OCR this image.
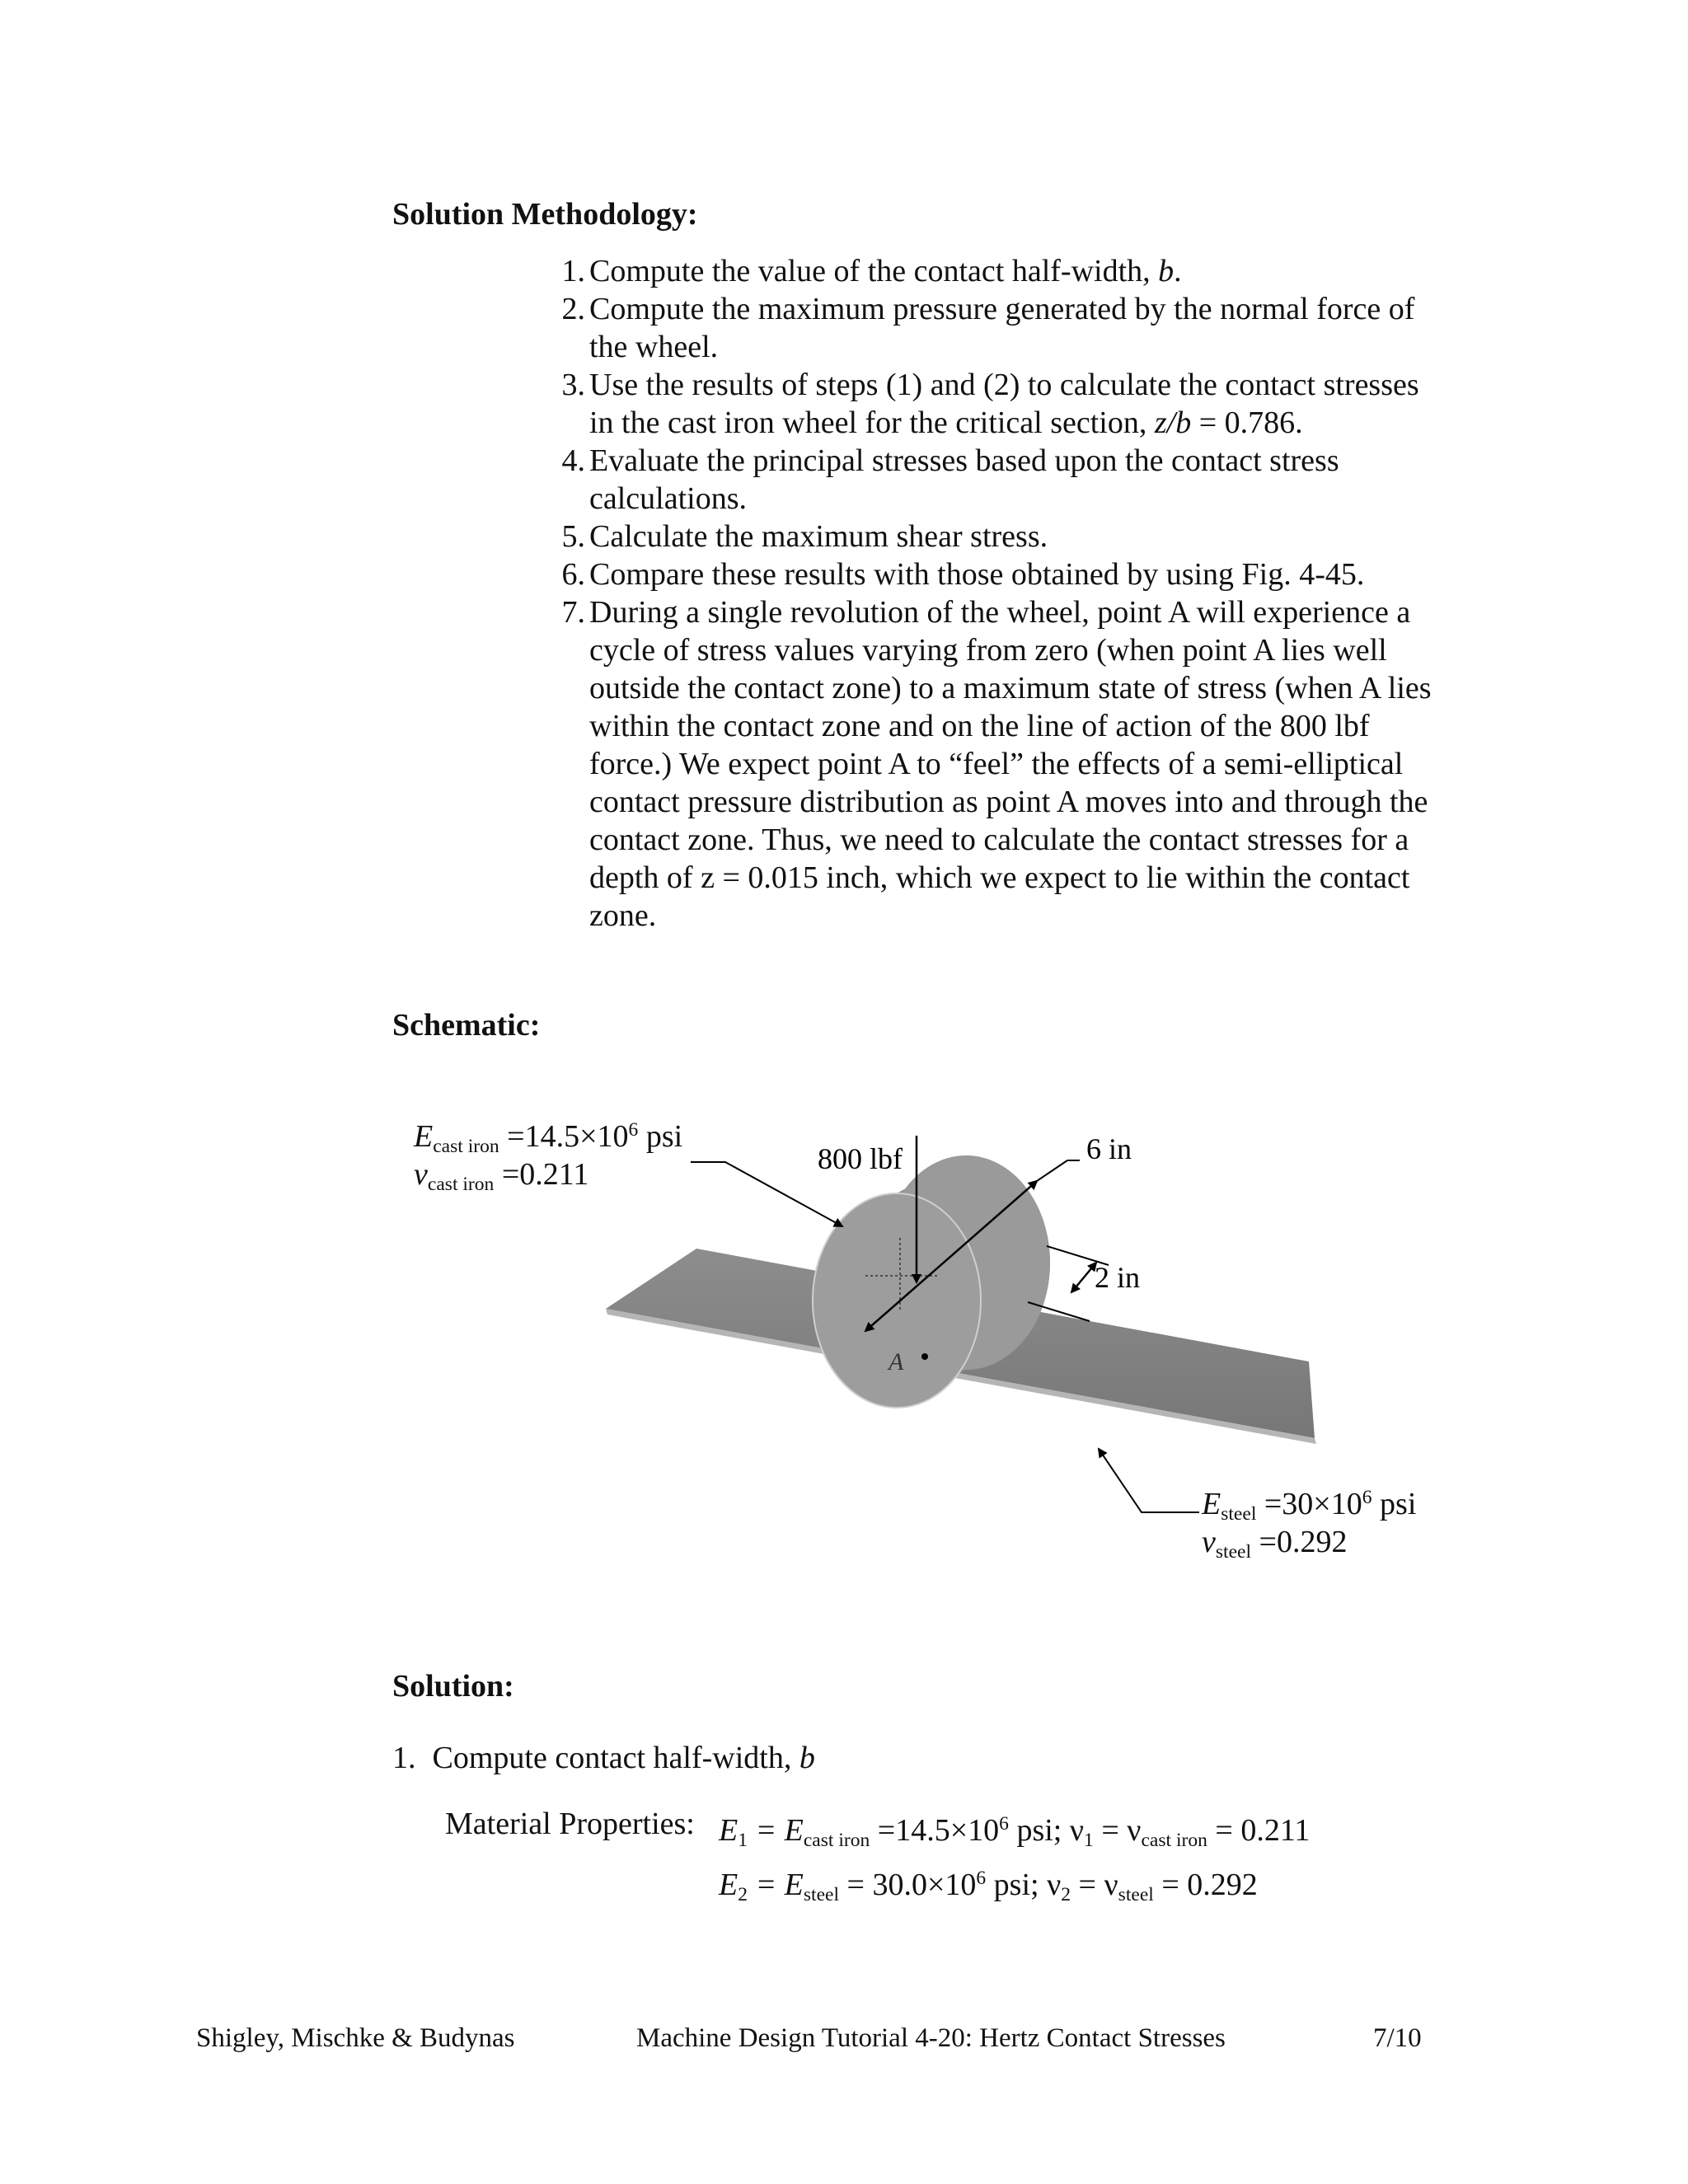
Solution Methodology:
1. Compute the value of the contact half-width, b.
2. Compute the maximum pressure generated by the normal force of
the wheel.
3. Use the results of steps (1) and (2) to calculate the contact stresses
in the cast iron wheel for the critical section, z/b = 0.786.
4. Evaluate the principal stresses based upon the contact stress
calculations.
5. Calculate the maximum shear stress.
6. Compare these results with those obtained by using Fig. 4-45.
7. During a single revolution of the wheel, point A will experience a
cycle of stress values varying from zero (when point A lies well
outside the contact zone) to a maximum state of stress (when A lies
within the contact zone and on the line of action of the 800 lbf
force.) We expect point A to “feel” the effects of a semi-elliptical
contact pressure distribution as point A moves into and through the
contact zone. Thus, we need to calculate the contact stresses for a
depth of z = 0.015 inch, which we expect to lie within the contact
zone.
Schematic:
800 lbf	6 in
2 in
A
$E_{cast iron} =14.5\times 10^6$ psi
$\nu_{cast iron} =0.211$
$E_{steel} =30\times 10^6$ psi
$\nu_{steel} =0.292$
Solution:
1. Compute contact half-width, b
Material Properties: $E_1 = E_{cast iron} =14.5\times 10^6$ psi; $\nu_1 = \nu_{cast iron} = 0.211$
$E_2 = E_{steel} = 30.0\times 10^6$ psi; $\nu_2 = \nu_{steel} = 0.292$
Shigley, Mischke & Budynas	Machine Design Tutorial 4-20: Hertz Contact Stresses	7/10
